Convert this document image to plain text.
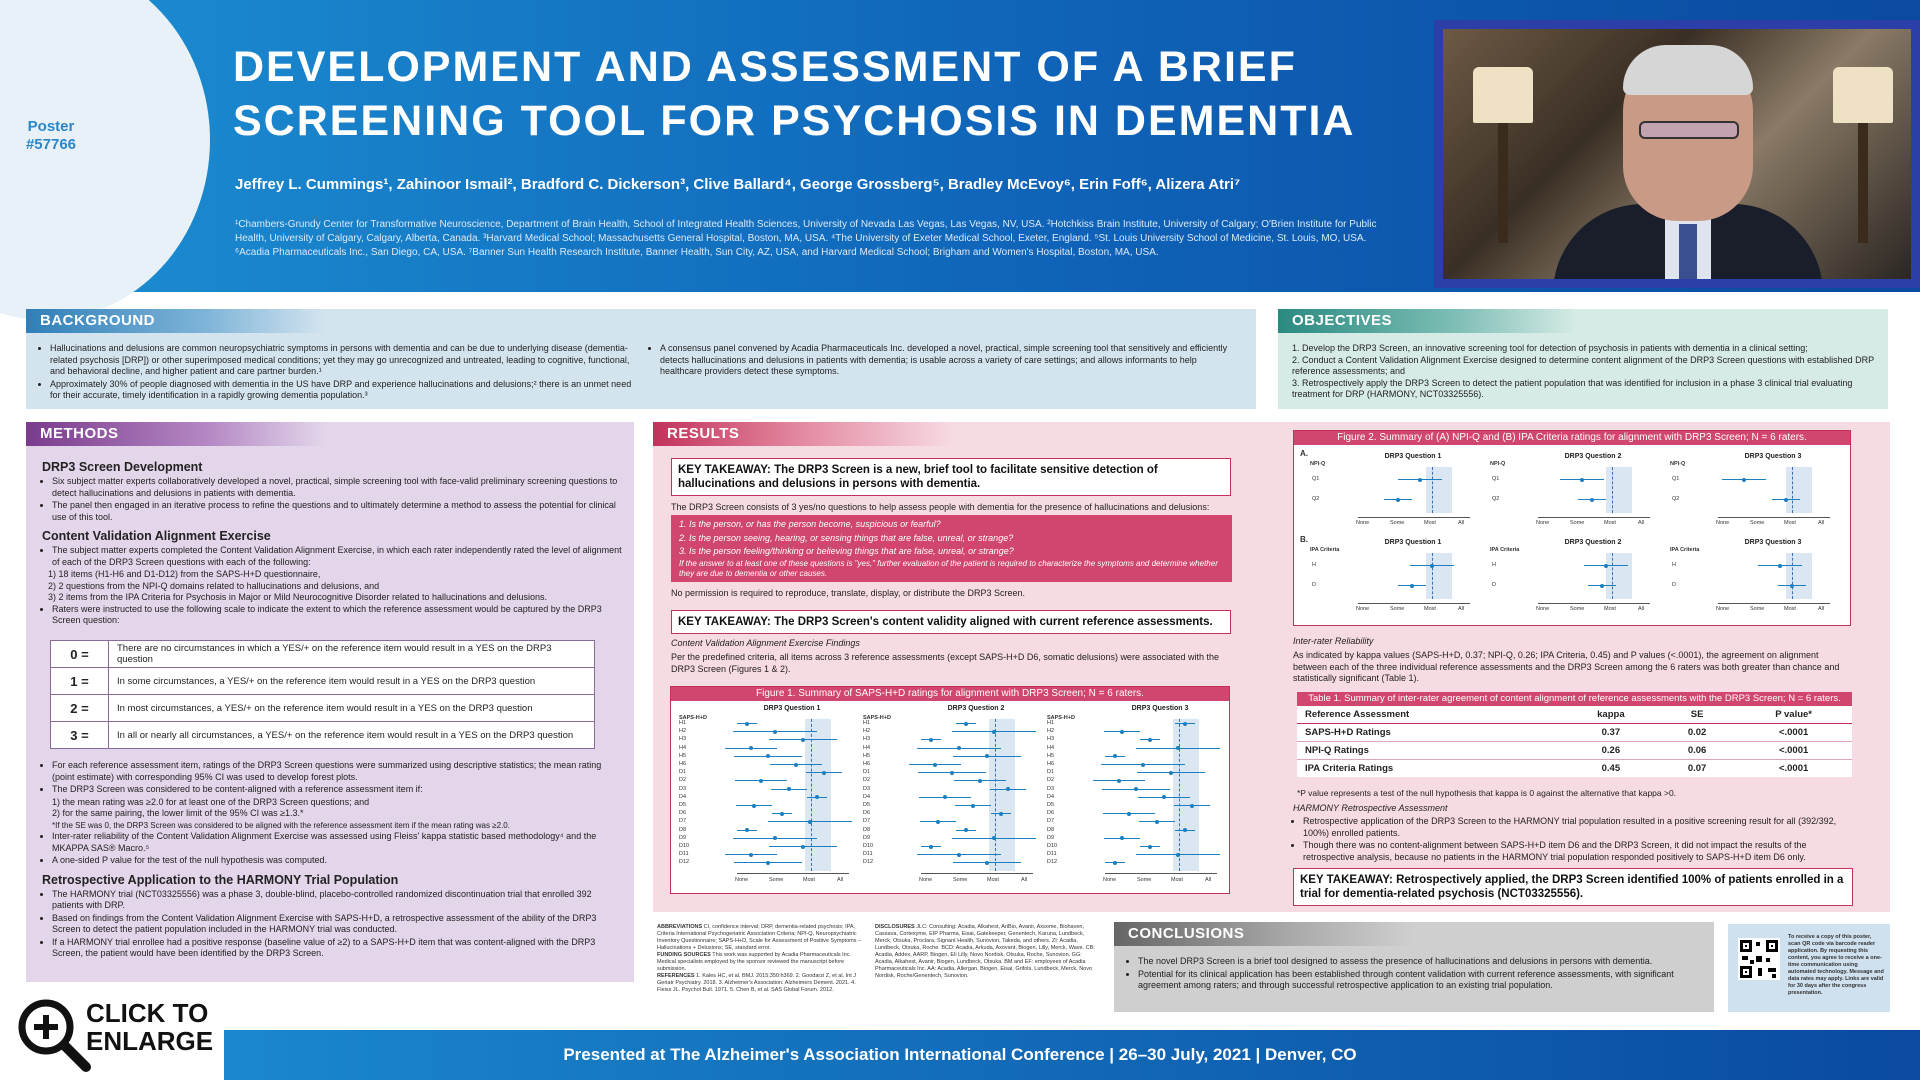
Poster
#57766
DEVELOPMENT AND ASSESSMENT OF A BRIEF
SCREENING TOOL FOR PSYCHOSIS IN DEMENTIA
Jeffrey L. Cummings¹, Zahinoor Ismail², Bradford C. Dickerson³, Clive Ballard⁴, George Grossberg⁵, Bradley McEvoy⁶, Erin Foff⁶, Alizera Atri⁷
¹Chambers-Grundy Center for Transformative Neuroscience, Department of Brain Health, School of Integrated Health Sciences, University of Nevada Las Vegas, Las Vegas, NV, USA. ²Hotchkiss Brain Institute, University of Calgary; O'Brien Institute for Public Health, University of Calgary, Calgary, Alberta, Canada. ³Harvard Medical School; Massachusetts General Hospital, Boston, MA, USA. ⁴The University of Exeter Medical School, Exeter, England. ⁵St. Louis University School of Medicine, St. Louis, MO, USA. ⁶Acadia Pharmaceuticals Inc., San Diego, CA, USA. ⁷Banner Sun Health Research Institute, Banner Health, Sun City, AZ, USA, and Harvard Medical School; Brigham and Women's Hospital, Boston, MA, USA.
BACKGROUND
• Hallucinations and delusions are common neuropsychiatric symptoms in persons with dementia and can be due to underlying disease (dementia-related psychosis [DRP]) or other superimposed medical conditions; yet they may go unrecognized and untreated, leading to cognitive, functional, and behavioral decline, and higher patient and care partner burden.¹
• Approximately 30% of people diagnosed with dementia in the US have DRP and experience hallucinations and delusions;² there is an unmet need for their accurate, timely identification in a rapidly growing dementia population.³
• A consensus panel convened by Acadia Pharmaceuticals Inc. developed a novel, practical, simple screening tool that sensitively and efficiently detects hallucinations and delusions in patients with dementia; is usable across a variety of care settings; and allows informants to help healthcare providers detect these symptoms.
OBJECTIVES
1. Develop the DRP3 Screen, an innovative screening tool for detection of psychosis in patients with dementia in a clinical setting;
2. Conduct a Content Validation Alignment Exercise designed to determine content alignment of the DRP3 Screen questions with established DRP reference assessments; and
3. Retrospectively apply the DRP3 Screen to detect the patient population that was identified for inclusion in a phase 3 clinical trial evaluating treatment for DRP (HARMONY, NCT03325556).
METHODS
DRP3 Screen Development
• Six subject matter experts collaboratively developed a novel, practical, simple screening tool with face-valid preliminary screening questions to detect hallucinations and delusions in patients with dementia.
• The panel then engaged in an iterative process to refine the questions and to ultimately determine a method to assess the potential for clinical use of this tool.
Content Validation Alignment Exercise
• The subject matter experts completed the Content Validation Alignment Exercise, in which each rater independently rated the level of alignment of each of the DRP3 Screen questions with each of the following:
1) 18 items (H1-H6 and D1-D12) from the SAPS-H+D questionnaire,
2) 2 questions from the NPI-Q domains related to hallucinations and delusions, and
3) 2 items from the IPA Criteria for Psychosis in Major or Mild Neurocognitive Disorder related to hallucinations and delusions.
• Raters were instructed to use the following scale to indicate the extent to which the reference assessment would be captured by the DRP3 Screen question:
0 =	There are no circumstances in which a YES/+ on the reference item would result in a YES on the DRP3 question
1 =	In some circumstances, a YES/+ on the reference item would result in a YES on the DRP3 question
2 =	In most circumstances, a YES/+ on the reference item would result in a YES on the DRP3 question
3 =	In all or nearly all circumstances, a YES/+ on the reference item would result in a YES on the DRP3 question
• For each reference assessment item, ratings of the DRP3 Screen questions were summarized using descriptive statistics; the mean rating (point estimate) with corresponding 95% CI was used to develop forest plots.
• The DRP3 Screen was considered to be content-aligned with a reference assessment item if:
1) the mean rating was ≥2.0 for at least one of the DRP3 Screen questions; and
2) for the same pairing, the lower limit of the 95% CI was ≥1.3.*
*If the SE was 0, the DRP3 Screen was considered to be aligned with the reference assessment item if the mean rating was ≥2.0.
• Inter-rater reliability of the Content Validation Alignment Exercise was assessed using Fleiss' kappa statistic based methodology⁴ and the MKAPPA SAS® Macro.⁵
• A one-sided P value for the test of the null hypothesis was computed.
Retrospective Application to the HARMONY Trial Population
• The HARMONY trial (NCT03325556) was a phase 3, double-blind, placebo-controlled randomized discontinuation trial that enrolled 392 patients with DRP.
• Based on findings from the Content Validation Alignment Exercise with SAPS-H+D, a retrospective assessment of the ability of the DRP3 Screen to detect the patient population included in the HARMONY trial was conducted.
• If a HARMONY trial enrollee had a positive response (baseline value of ≥2) to a SAPS-H+D item that was content-aligned with the DRP3 Screen, the patient would have been identified by the DRP3 Screen.
RESULTS
KEY TAKEAWAY: The DRP3 Screen is a new, brief tool to facilitate sensitive detection of hallucinations and delusions in persons with dementia.
The DRP3 Screen consists of 3 yes/no questions to help assess people with dementia for the presence of hallucinations and delusions:
1. Is the person, or has the person become, suspicious or fearful?
2. Is the person seeing, hearing, or sensing things that are false, unreal, or strange?
3. Is the person feeling/thinking or believing things that are false, unreal, or strange?
If the answer to at least one of these questions is "yes," further evaluation of the patient is required to characterize the symptoms and determine whether they are due to dementia or other causes.
No permission is required to reproduce, translate, display, or distribute the DRP3 Screen.
KEY TAKEAWAY: The DRP3 Screen's content validity aligned with current reference assessments.
Content Validation Alignment Exercise Findings
Per the predefined criteria, all items across 3 reference assessments (except SAPS-H+D D6, somatic delusions) were associated with the DRP3 Screen (Figures 1 & 2).
Figure 1. Summary of SAPS-H+D ratings for alignment with DRP3 Screen; N = 6 raters.
DRP3 Question 1
SAPS-H+D
H1
H2
H3
H4
H5
H6
D1
D2
D3
D4
D5
D6
D7
D8
D9
D10
D11
D12
None	Some	Most	All
DRP3 Question 2
SAPS-H+D
H1
H2
H3
H4
H5
H6
D1
D2
D3
D4
D5
D6
D7
D8
D9
D10
D11
D12
None	Some	Most	All
DRP3 Question 3
SAPS-H+D
H1
H2
H3
H4
H5
H6
D1
D2
D3
D4
D5
D6
D7
D8
D9
D10
D11
D12
None	Some	Most	All
Figure 2. Summary of (A) NPI-Q and (B) IPA Criteria ratings for alignment with DRP3 Screen; N = 6 raters.
A.
B.
DRP3 Question 1
NPI-Q
Q1
Q2
None	Some	Most	All
DRP3 Question 2
NPI-Q
Q1
Q2
None	Some	Most	All
DRP3 Question 3
NPI-Q
Q1
Q2
None	Some	Most	All
DRP3 Question 1
IPA Criteria
H
D
None	Some	Most	All
DRP3 Question 2
IPA Criteria
H
D
None	Some	Most	All
DRP3 Question 3
IPA Criteria
H
D
None	Some	Most	All
Inter-rater Reliability
As indicated by kappa values (SAPS-H+D, 0.37; NPI-Q, 0.26; IPA Criteria, 0.45) and P values (<.0001), the agreement on alignment between each of the three individual reference assessments and the DRP3 Screen among the 6 raters was both greater than chance and statistically significant (Table 1).
Table 1. Summary of inter-rater agreement of content alignment of reference assessments with the DRP3 Screen; N = 6 raters.
Reference Assessment	kappa	SE	P value*
SAPS-H+D Ratings	0.37	0.02	<.0001
NPI-Q Ratings	0.26	0.06	<.0001
IPA Criteria Ratings	0.45	0.07	<.0001
*P value represents a test of the null hypothesis that kappa is 0 against the alternative that kappa >0.
HARMONY Retrospective Assessment
• Retrospective application of the DRP3 Screen to the HARMONY trial population resulted in a positive screening result for all (392/392, 100%) enrolled patients.
• Though there was no content-alignment between SAPS-H+D item D6 and the DRP3 Screen, it did not impact the results of the retrospective analysis, because no patients in the HARMONY trial population responded positively to SAPS-H+D item D6 only.
KEY TAKEAWAY: Retrospectively applied, the DRP3 Screen identified 100% of patients enrolled in a trial for dementia-related psychosis (NCT03325556).
ABBREVIATIONS CI, confidence interval; DRP, dementia-related psychosis; IPA, Criteria International Psychogeriatric Association Criteria; NPI-Q, Neuropsychiatric Inventory Questionnaire; SAPS-H+D, Scale for Assessment of Positive Symptoms – Hallucinations + Delusions; SE, standard error.
FUNDING SOURCES This work was supported by Acadia Pharmaceuticals Inc. Medical specialists employed by the sponsor reviewed the manuscript before submission.
REFERENCES 1. Kales HC, et al. BMJ. 2015;350:h369. 2. Goodarzi Z, et al. Int J Geriatr Psychiatry. 2018. 3. Alzheimer's Association. Alzheimers Dement. 2021. 4. Fleiss JL. Psychol Bull. 1971. 5. Chen B, et al. SAS Global Forum. 2012.
DISCLOSURES JLC: Consulting: Acadia, Alkahest, AriBio, Avanir, Axsome, Biohaven, Cassava, Cortexyme, EIP Pharma, Eisai, Gatekeeper, Genentech, Karuna, Lundbeck, Merck, Otsuka, Proclara, Signant Health, Sunovion, Takeda, and others. ZI: Acadia, Lundbeck, Otsuka, Roche. BCD: Acadia, Arkuda, Axovant, Biogen, Lilly, Merck, Wave. CB: Acadia, Addex, AARP, Biogen, Eli Lilly, Novo Nordisk, Otsuka, Roche, Sunovion. GG: Acadia, Alkahest, Avanir, Biogen, Lundbeck, Otsuka. BM and EF: employees of Acadia Pharmaceuticals Inc. AA: Acadia, Allergan, Biogen, Eisai, Grifols, Lundbeck, Merck, Novo Nordisk, Roche/Genentech, Sunovion.
CONCLUSIONS
• The novel DRP3 Screen is a brief tool designed to assess the presence of hallucinations and delusions in persons with dementia.
• Potential for its clinical application has been established through content validation with current reference assessments, with significant agreement among raters; and through successful retrospective application to an existing trial population.
To receive a copy of this poster, scan QR code via barcode reader application. By requesting this content, you agree to receive a one-time communication using automated technology. Message and data rates may apply. Links are valid for 30 days after the congress presentation.
Presented at The Alzheimer's Association International Conference | 26–30 July, 2021 | Denver, CO
CLICK TO
ENLARGE
